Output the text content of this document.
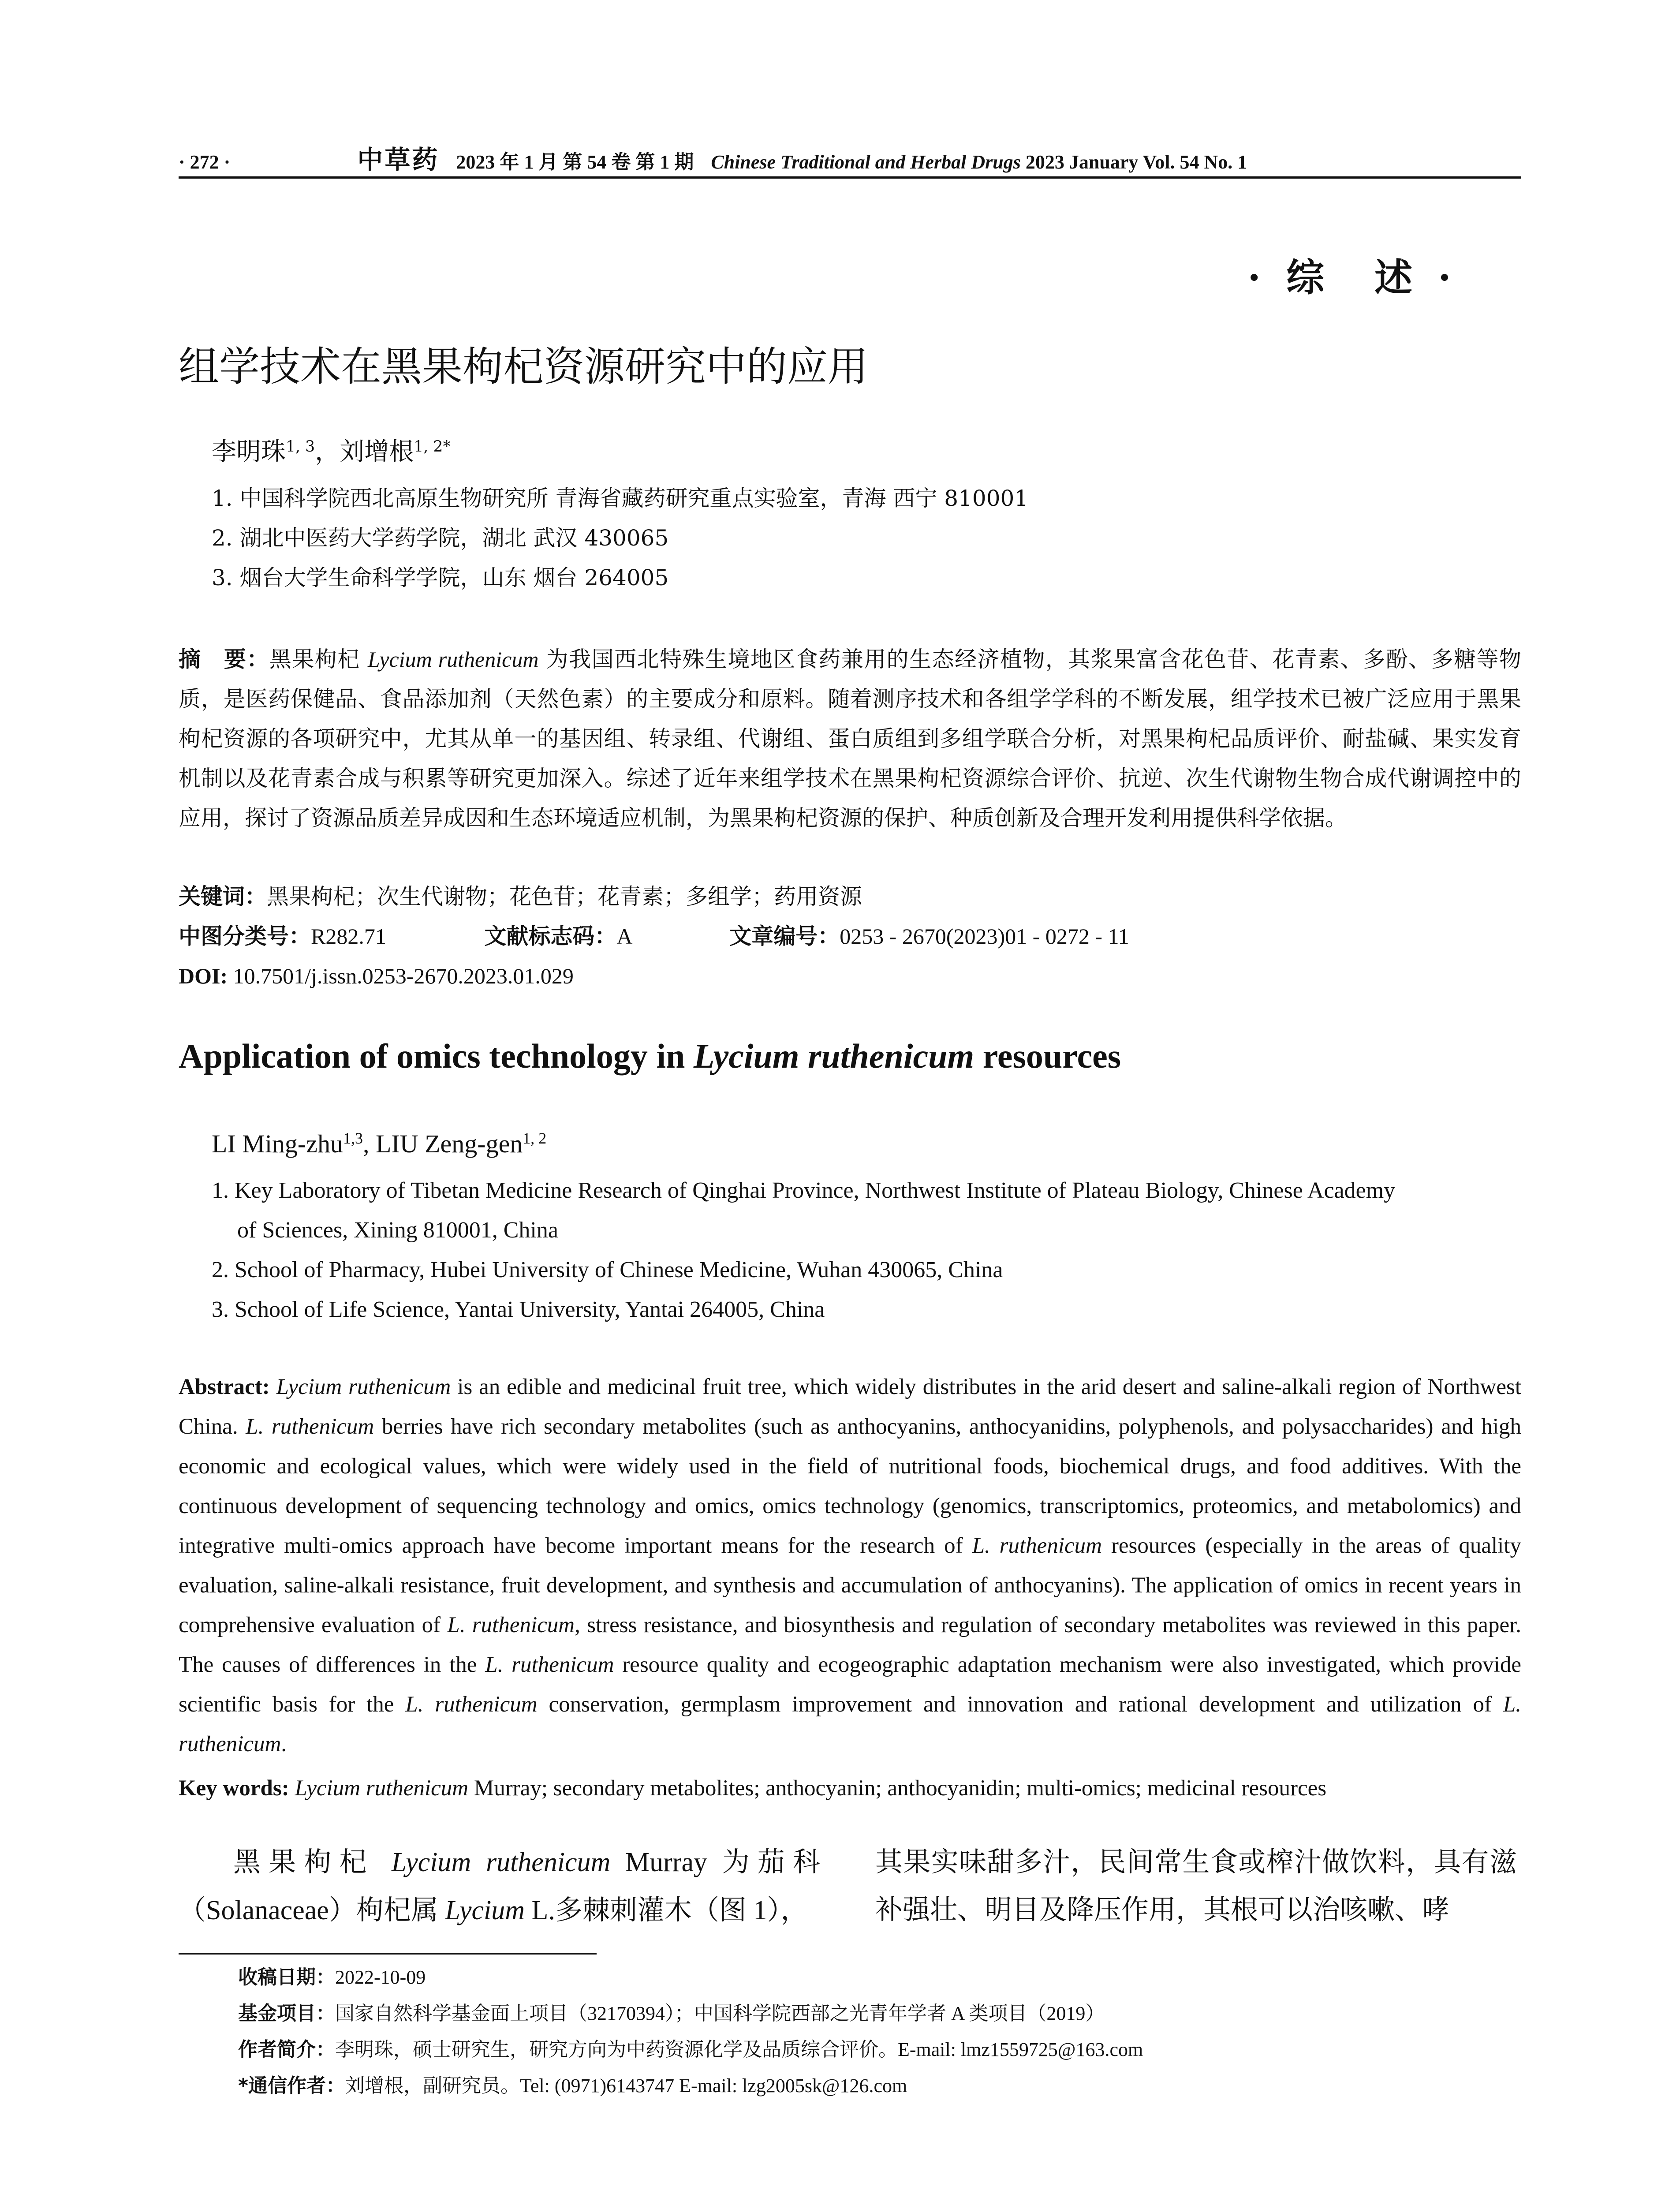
· 272 ·	中草药 2023 年 1 月 第 54 卷 第 1 期 Chinese Traditional and Herbal Drugs 2023 January Vol. 54 No. 1
· 综　述 ·
组学技术在黑果枸杞资源研究中的应用
李明珠$^{1, 3}$，刘增根$^{1, 2*}$
1. 中国科学院西北高原生物研究所 青海省藏药研究重点实验室，青海 西宁 810001
2. 湖北中医药大学药学院，湖北 武汉 430065
3. 烟台大学生命科学学院，山东 烟台 264005
摘　要：黑果枸杞 Lycium ruthenicum 为我国西北特殊生境地区食药兼用的生态经济植物，其浆果富含花色苷、花青素、多酚、多糖等物质，是医药保健品、食品添加剂（天然色素）的主要成分和原料。随着测序技术和各组学学科的不断发展，组学技术已被广泛应用于黑果枸杞资源的各项研究中，尤其从单一的基因组、转录组、代谢组、蛋白质组到多组学联合分析，对黑果枸杞品质评价、耐盐碱、果实发育机制以及花青素合成与积累等研究更加深入。综述了近年来组学技术在黑果枸杞资源综合评价、抗逆、次生代谢物生物合成代谢调控中的应用，探讨了资源品质差异成因和生态环境适应机制，为黑果枸杞资源的保护、种质创新及合理开发利用提供科学依据。
关键词：黑果枸杞；次生代谢物；花色苷；花青素；多组学；药用资源
中图分类号：R282.71	文献标志码：A	文章编号：0253 - 2670(2023)01 - 0272 - 11
DOI: 10.7501/j.issn.0253-2670.2023.01.029
Application of omics technology in Lycium ruthenicum resources
LI Ming-zhu$^{1,3}$, LIU Zeng-gen$^{1, 2}$
1. Key Laboratory of Tibetan Medicine Research of Qinghai Province, Northwest Institute of Plateau Biology, Chinese Academy
of Sciences, Xining 810001, China
2. School of Pharmacy, Hubei University of Chinese Medicine, Wuhan 430065, China
3. School of Life Science, Yantai University, Yantai 264005, China
Abstract: Lycium ruthenicum is an edible and medicinal fruit tree, which widely distributes in the arid desert and saline-alkali region of Northwest China. L. ruthenicum berries have rich secondary metabolites (such as anthocyanins, anthocyanidins, polyphenols, and polysaccharides) and high economic and ecological values, which were widely used in the field of nutritional foods, biochemical drugs, and food additives. With the continuous development of sequencing technology and omics, omics technology (genomics, transcriptomics, proteomics, and metabolomics) and integrative multi-omics approach have become important means for the research of L. ruthenicum resources (especially in the areas of quality evaluation, saline-alkali resistance, fruit development, and synthesis and accumulation of anthocyanins). The application of omics in recent years in comprehensive evaluation of L. ruthenicum, stress resistance, and biosynthesis and regulation of secondary metabolites was reviewed in this paper. The causes of differences in the L. ruthenicum resource quality and ecogeographic adaptation mechanism were also investigated, which provide scientific basis for the L. ruthenicum conservation, germplasm improvement and innovation and rational development and utilization of L. ruthenicum.
Key words: Lycium ruthenicum Murray; secondary metabolites; anthocyanin; anthocyanidin; multi-omics; medicinal resources
黑果枸杞 Lycium ruthenicum Murray 为茄科（Solanaceae）枸杞属 Lycium L.多棘刺灌木（图 1），
其果实味甜多汁，民间常生食或榨汁做饮料，具有滋补强壮、明目及降压作用，其根可以治咳嗽、哮
收稿日期：2022-10-09
基金项目：国家自然科学基金面上项目（32170394）；中国科学院西部之光青年学者 A 类项目（2019）
作者简介：李明珠，硕士研究生，研究方向为中药资源化学及品质综合评价。E-mail: lmz1559725@163.com
*通信作者：刘增根，副研究员。Tel: (0971)6143747 E-mail: lzg2005sk@126.com
